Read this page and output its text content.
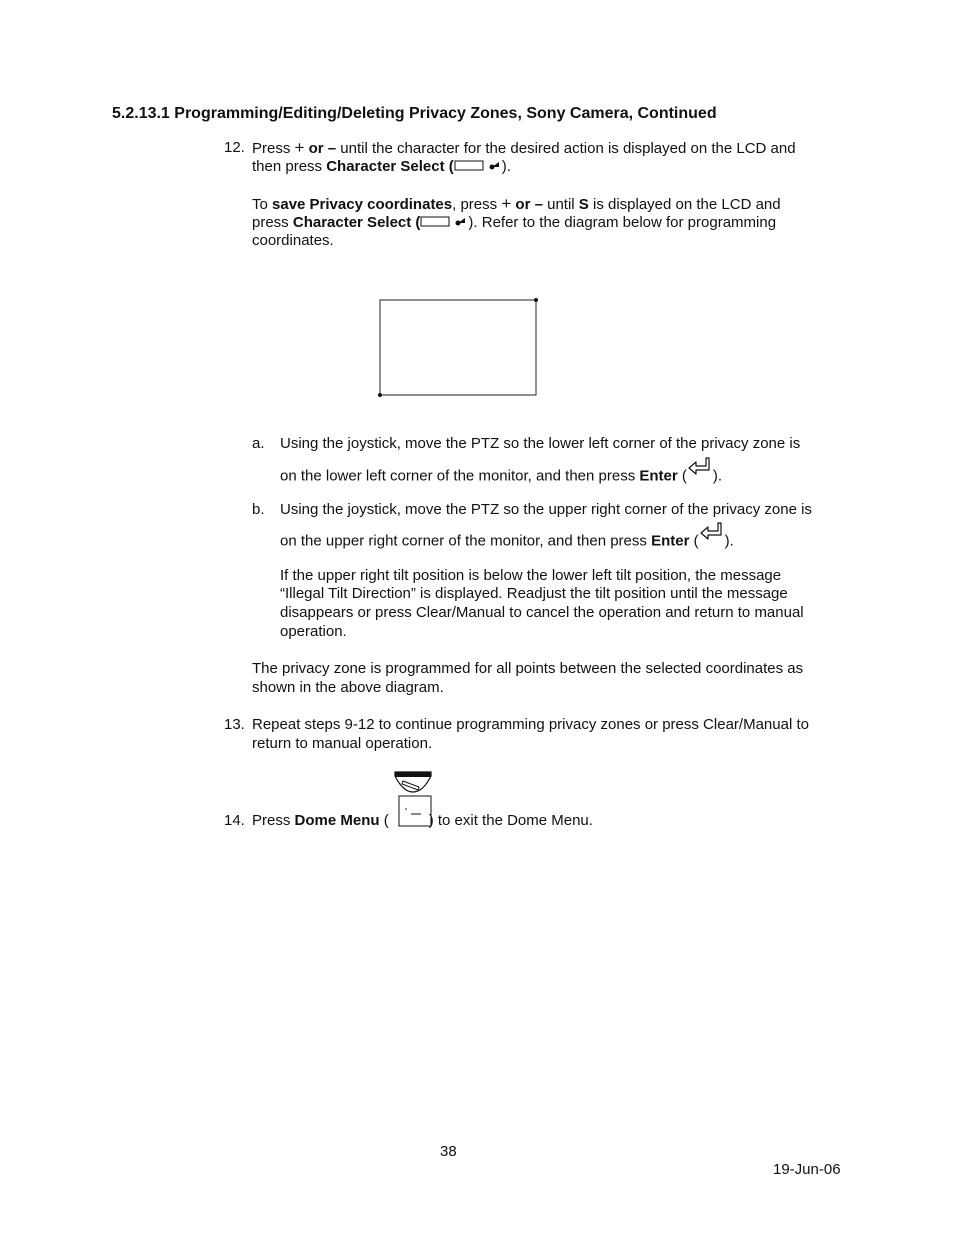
5.2.13.1 Programming/Editing/Deleting Privacy Zones, Sony Camera, Continued
12. Press + or – until the character for the desired action is displayed on the LCD and
then press Character Select (	).
To save Privacy coordinates, press + or – until S is displayed on the LCD and
press Character Select (	). Refer to the diagram below for programming
coordinates.
a. Using the joystick, move the PTZ so the lower left corner of the privacy zone is
on the lower left corner of the monitor, and then press Enter ( ).
b. Using the joystick, move the PTZ so the upper right corner of the privacy zone is
on the upper right corner of the monitor, and then press Enter ( ).
If the upper right tilt position is below the lower left tilt position, the message
“Illegal Tilt Direction” is displayed. Readjust the tilt position until the message
disappears or press Clear/Manual to cancel the operation and return to manual
operation.
The privacy zone is programmed for all points between the selected coordinates as
shown in the above diagram.
13. Repeat steps 9-12 to continue programming privacy zones or press Clear/Manual to
return to manual operation.
14. Press Dome Menu (	) to exit the Dome Menu.
38
19-Jun-06
